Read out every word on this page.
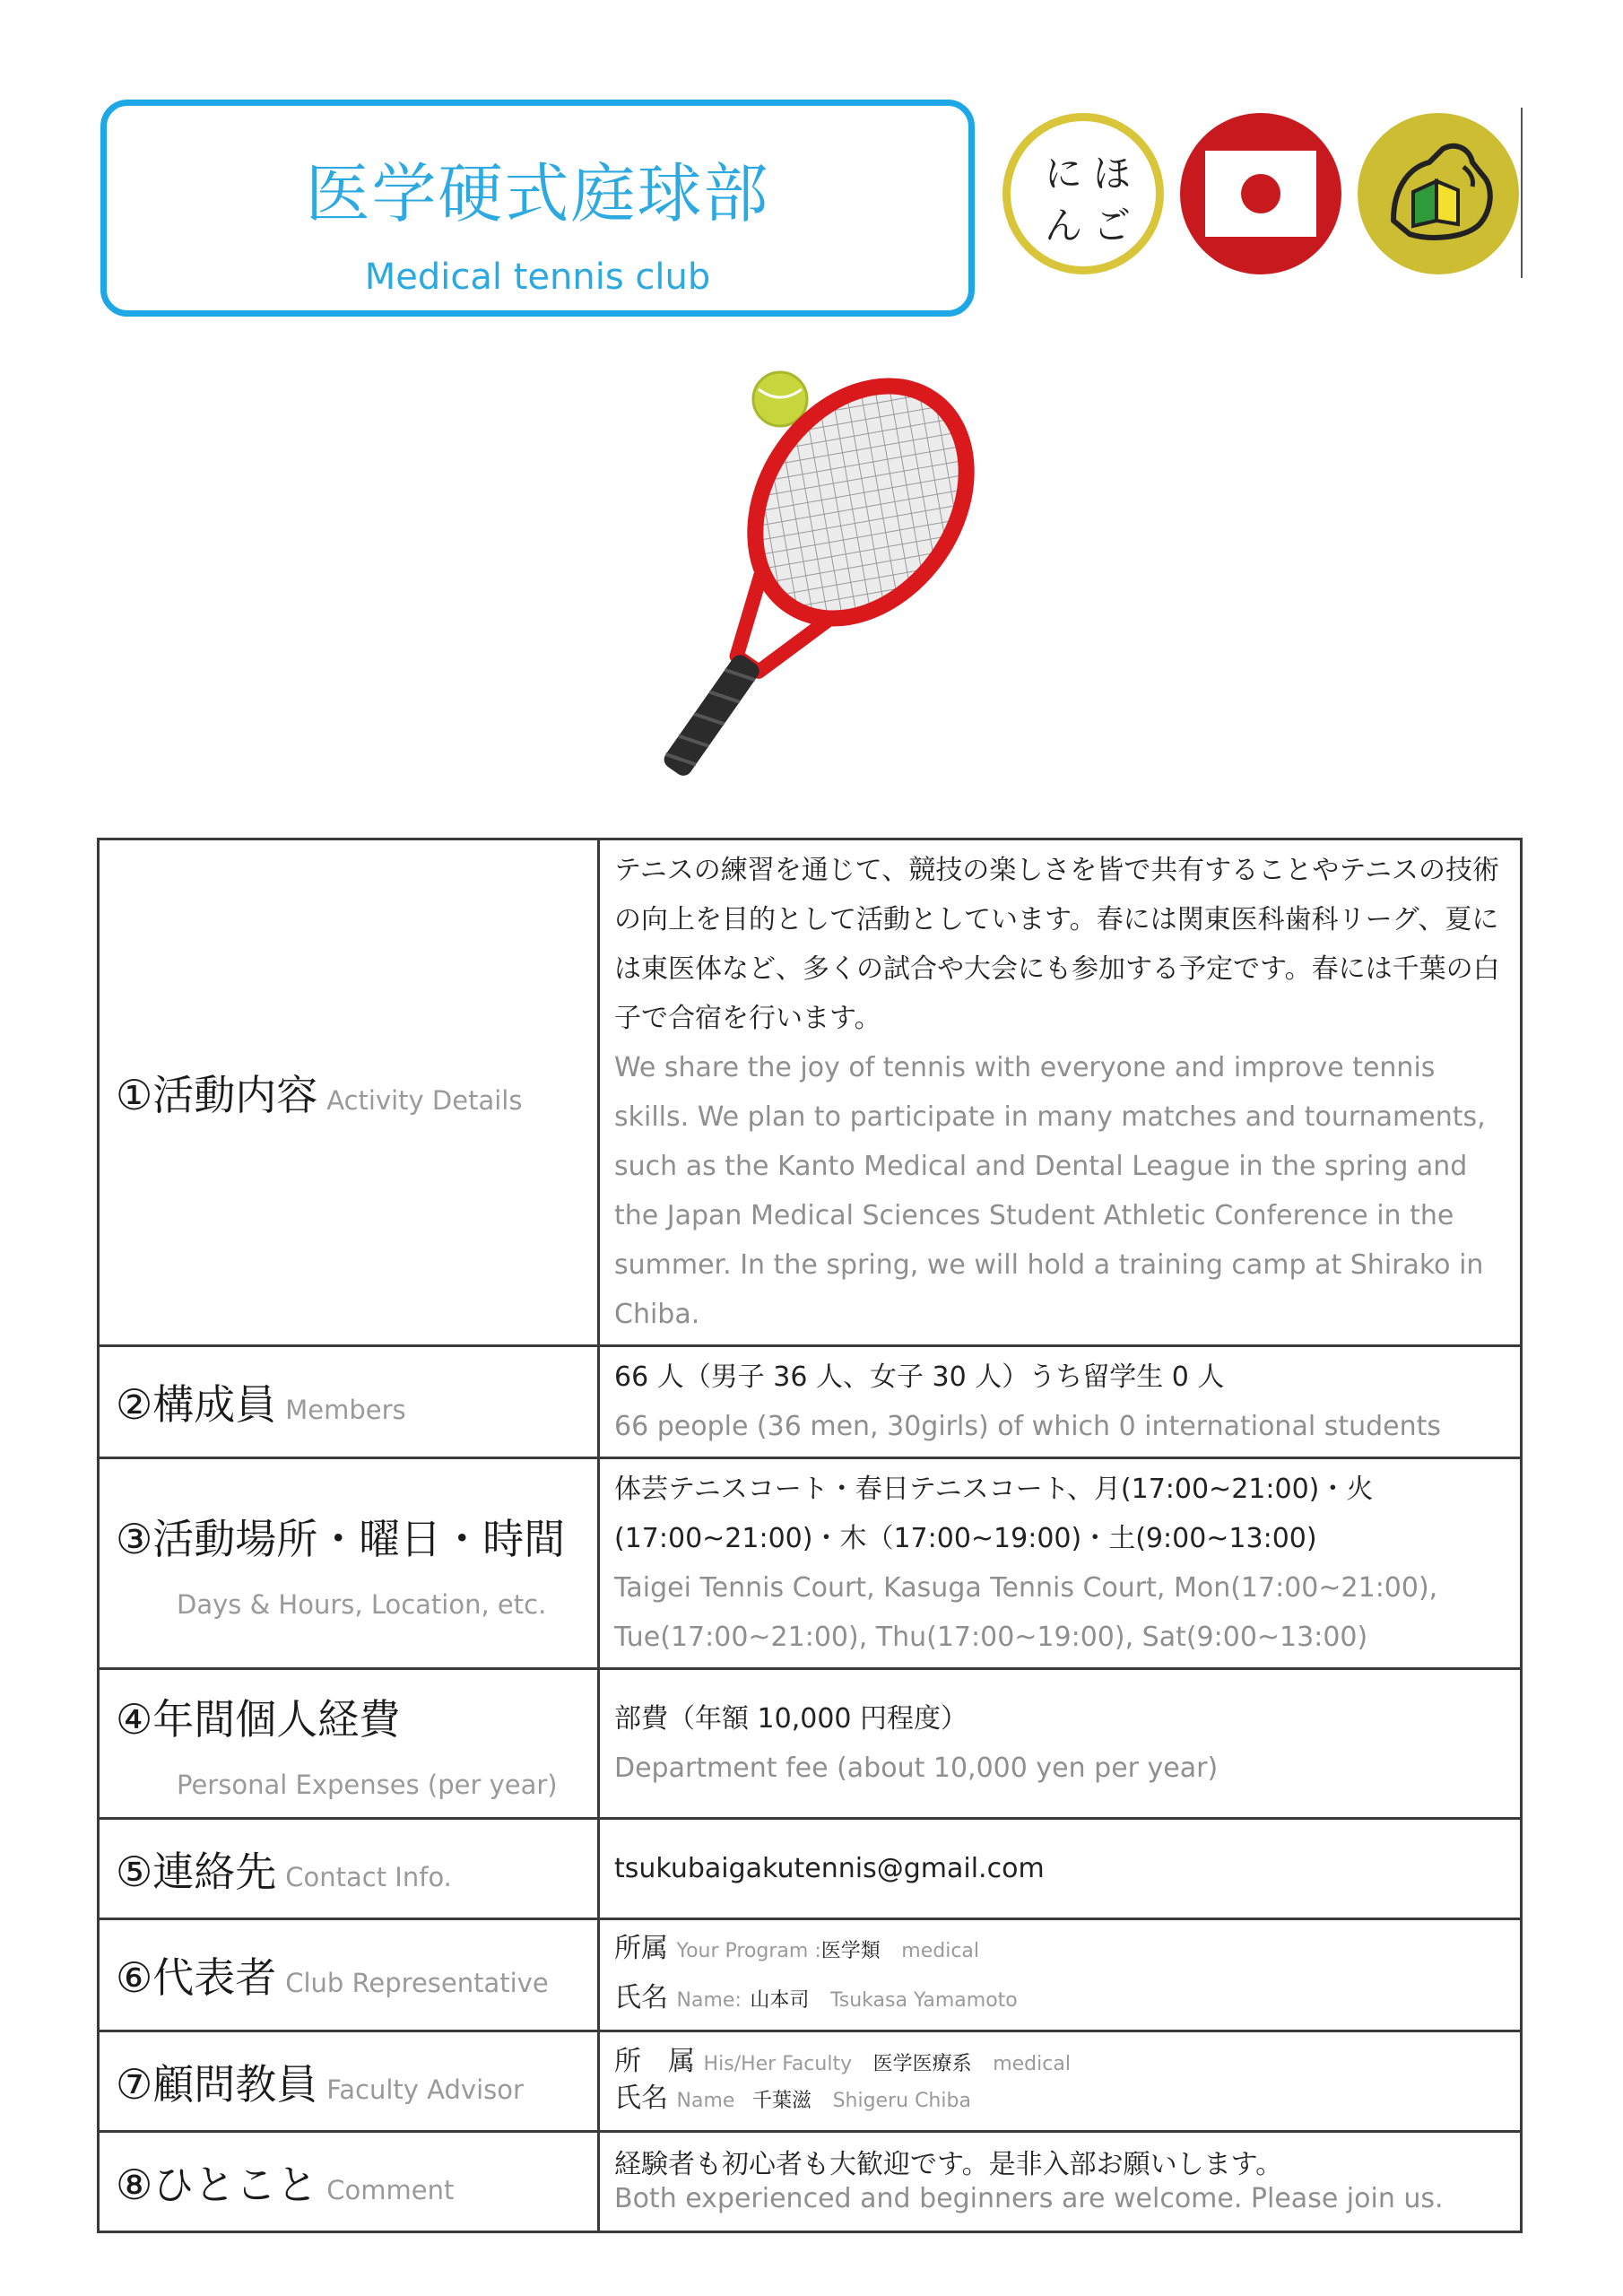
医学硬式庭球部
Medical tennis club
に ほ
ん ご
①活動内容 Activity Details	テニスの練習を通じて、競技の楽しさを皆で共有することやテニスの技術の向上を目的として活動としています。春には関東医科歯科リーグ、夏には東医体など、多くの試合や大会にも参加する予定です。春には千葉の白子で合宿を行います。
We share the joy of tennis with everyone and improve tennis skills. We plan to participate in many matches and tournaments, such as the Kanto Medical and Dental League in the spring and the Japan Medical Sciences Student Athletic Conference in the summer. In the spring, we will hold a training camp at Shirako in Chiba.

②構成員 Members	66 人（男子 36 人、女子 30 人）うち留学生 0 人
66 people (36 men, 30girls) of which 0 international students

③活動場所・曜日・時間
Days & Hours, Location, etc.	体芸テニスコート・春日テニスコート、月(17:00~21:00)・火(17:00~21:00)・木（17:00~19:00)・土(9:00~13:00)
Taigei Tennis Court, Kasuga Tennis Court, Mon(17:00~21:00), Tue(17:00~21:00), Thu(17:00~19:00), Sat(9:00~13:00)

④年間個人経費
Personal Expenses (per year)	部費（年額 10,000 円程度）
Department fee (about 10,000 yen per year)

⑤連絡先 Contact Info.	tsukubaigakutennis@gmail.com

⑥代表者 Club Representative	所属 Your Program :医学類 medical
氏名 Name: 山本司 Tsukasa Yamamoto

⑦顧問教員 Faculty Advisor	所　属 His/Her Faculty 医学医療系 medical
氏名 Name 千葉滋 Shigeru Chiba

⑧ひとこと Comment	経験者も初心者も大歓迎です。是非入部お願いします。
Both experienced and beginners are welcome. Please join us.
